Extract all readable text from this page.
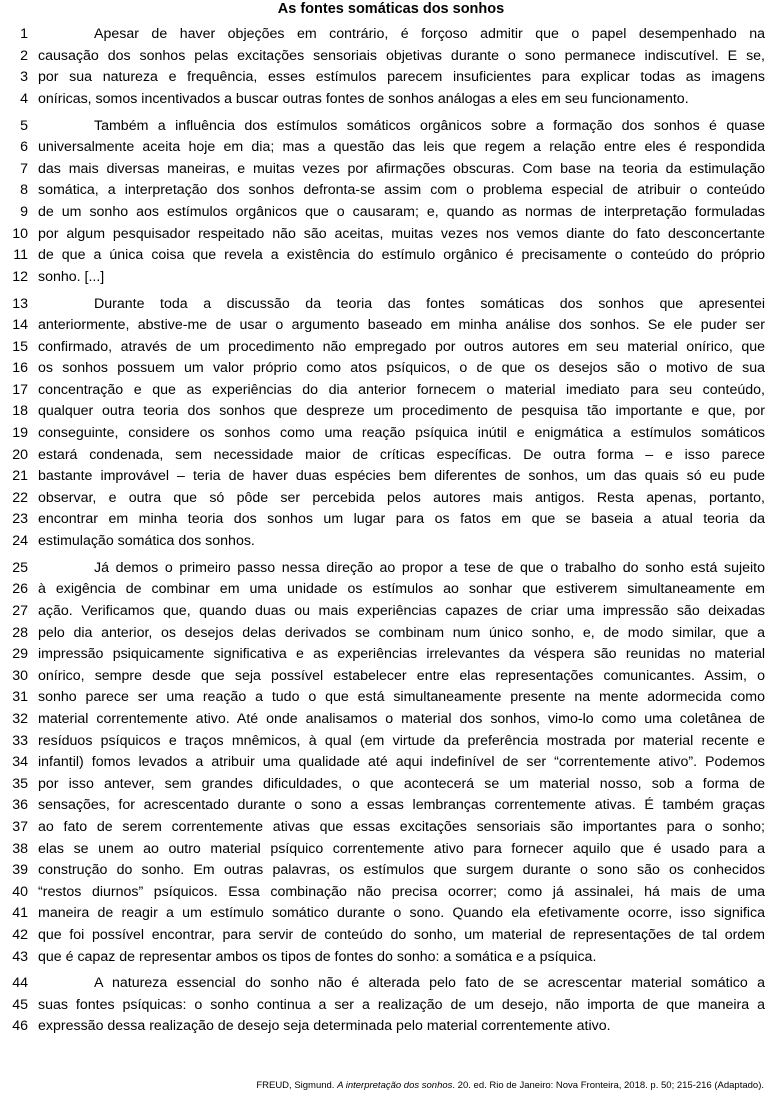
As fontes somáticas dos sonhos
1	Apesar de haver objeções em contrário, é forçoso admitir que o papel desempenhado na
2 causação dos sonhos pelas excitações sensoriais objetivas durante o sono permanece indiscutível. E se,
3 por sua natureza e frequência, esses estímulos parecem insuficientes para explicar todas as imagens
4 oníricas, somos incentivados a buscar outras fontes de sonhos análogas a eles em seu funcionamento.
5	Também a influência dos estímulos somáticos orgânicos sobre a formação dos sonhos é quase
6 universalmente aceita hoje em dia; mas a questão das leis que regem a relação entre eles é respondida
7 das mais diversas maneiras, e muitas vezes por afirmações obscuras. Com base na teoria da estimulação
8 somática, a interpretação dos sonhos defronta-se assim com o problema especial de atribuir o conteúdo
9 de um sonho aos estímulos orgânicos que o causaram; e, quando as normas de interpretação formuladas
10 por algum pesquisador respeitado não são aceitas, muitas vezes nos vemos diante do fato desconcertante
11 de que a única coisa que revela a existência do estímulo orgânico é precisamente o conteúdo do próprio
12 sonho. [...]
13	Durante toda a discussão da teoria das fontes somáticas dos sonhos que apresentei
14 anteriormente, abstive-me de usar o argumento baseado em minha análise dos sonhos. Se ele puder ser
15 confirmado, através de um procedimento não empregado por outros autores em seu material onírico, que
16 os sonhos possuem um valor próprio como atos psíquicos, o de que os desejos são o motivo de sua
17 concentração e que as experiências do dia anterior fornecem o material imediato para seu conteúdo,
18 qualquer outra teoria dos sonhos que despreze um procedimento de pesquisa tão importante e que, por
19 conseguinte, considere os sonhos como uma reação psíquica inútil e enigmática a estímulos somáticos
20 estará condenada, sem necessidade maior de críticas específicas. De outra forma – e isso parece
21 bastante improvável – teria de haver duas espécies bem diferentes de sonhos, um das quais só eu pude
22 observar, e outra que só pôde ser percebida pelos autores mais antigos. Resta apenas, portanto,
23 encontrar em minha teoria dos sonhos um lugar para os fatos em que se baseia a atual teoria da
24 estimulação somática dos sonhos.
25	Já demos o primeiro passo nessa direção ao propor a tese de que o trabalho do sonho está sujeito
26 à exigência de combinar em uma unidade os estímulos ao sonhar que estiverem simultaneamente em
27 ação. Verificamos que, quando duas ou mais experiências capazes de criar uma impressão são deixadas
28 pelo dia anterior, os desejos delas derivados se combinam num único sonho, e, de modo similar, que a
29 impressão psiquicamente significativa e as experiências irrelevantes da véspera são reunidas no material
30 onírico, sempre desde que seja possível estabelecer entre elas representações comunicantes. Assim, o
31 sonho parece ser uma reação a tudo o que está simultaneamente presente na mente adormecida como
32 material correntemente ativo. Até onde analisamos o material dos sonhos, vimo-lo como uma coletânea de
33 resíduos psíquicos e traços mnêmicos, à qual (em virtude da preferência mostrada por material recente e
34 infantil) fomos levados a atribuir uma qualidade até aqui indefinível de ser “correntemente ativo”. Podemos
35 por isso antever, sem grandes dificuldades, o que acontecerá se um material nosso, sob a forma de
36 sensações, for acrescentado durante o sono a essas lembranças correntemente ativas. É também graças
37 ao fato de serem correntemente ativas que essas excitações sensoriais são importantes para o sonho;
38 elas se unem ao outro material psíquico correntemente ativo para fornecer aquilo que é usado para a
39 construção do sonho. Em outras palavras, os estímulos que surgem durante o sono são os conhecidos
40 “restos diurnos” psíquicos. Essa combinação não precisa ocorrer; como já assinalei, há mais de uma
41 maneira de reagir a um estímulo somático durante o sono. Quando ela efetivamente ocorre, isso significa
42 que foi possível encontrar, para servir de conteúdo do sonho, um material de representações de tal ordem
43 que é capaz de representar ambos os tipos de fontes do sonho: a somática e a psíquica.
44	A natureza essencial do sonho não é alterada pelo fato de se acrescentar material somático a
45 suas fontes psíquicas: o sonho continua a ser a realização de um desejo, não importa de que maneira a
46 expressão dessa realização de desejo seja determinada pelo material correntemente ativo.
FREUD, Sigmund. A interpretação dos sonhos. 20. ed. Rio de Janeiro: Nova Fronteira, 2018. p. 50; 215-216 (Adaptado).
